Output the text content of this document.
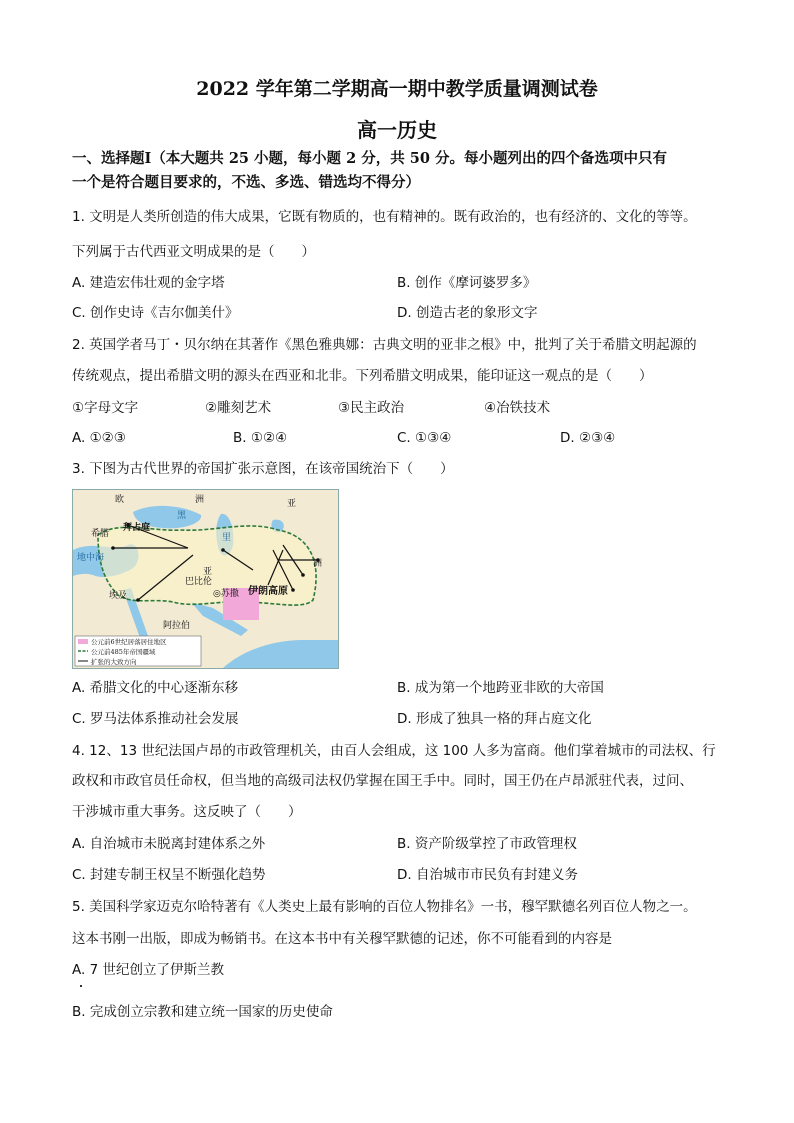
2022 学年第二学期高一期中教学质量调测试卷
高一历史
一、选择题Ⅰ（本大题共 25 小题，每小题 2 分，共 50 分。每小题列出的四个备选项中只有
一个是符合题目要求的，不选、多选、错选均不得分）
1. 文明是人类所创造的伟大成果，它既有物质的，也有精神的。既有政治的，也有经济的、文化的等等。
下列属于古代西亚文明成果的是（　　）
A. 建造宏伟壮观的金字塔	B. 创作《摩诃婆罗多》
C. 创作史诗《吉尔伽美什》	D. 创造古老的象形文字
2. 英国学者马丁・贝尔纳在其著作《黑色雅典娜：古典文明的亚非之根》中，批判了关于希腊文明起源的
传统观点，提出希腊文明的源头在西亚和北非。下列希腊文明成果，能印证这一观点的是（　　）
①字母文字	②雕刻艺术	③民主政治	④冶铁技术
A. ①②③	B. ①②④	C. ①③④	D. ②③④
3. 下图为古代世界的帝国扩张示意图，在该帝国统治下（　　）
欧	洲
希腊
拜占庭
地中海
黑
里
亚
巴比伦
◎苏撒 伊朗高原
埃及
阿拉伯
亚
洲
公元前6世纪居落居住地区
公元前485年帝国疆域
扩张的大致方向
A. 希腊文化的中心逐渐东移	B. 成为第一个地跨亚非欧的大帝国
C. 罗马法体系推动社会发展	D. 形成了独具一格的拜占庭文化
4. 12、13 世纪法国卢昂的市政管理机关，由百人会组成，这 100 人多为富商。他们掌着城市的司法权、行
政权和市政官员任命权，但当地的高级司法权仍掌握在国王手中。同时，国王仍在卢昂派驻代表，过问、
干涉城市重大事务。这反映了（　　）
A. 自治城市未脱离封建体系之外	B. 资产阶级掌控了市政管理权
C. 封建专制王权呈不断强化趋势	D. 自治城市市民负有封建义务
5. 美国科学家迈克尔哈特著有《人类史上最有影响的百位人物排名》一书，穆罕默德名列百位人物之一。
这本书刚一出版，即成为畅销书。在这本书中有关穆罕默德的记述，你不可能看到的内容是
A. 7 世纪创立了伊斯兰教
B. 完成创立宗教和建立统一国家的历史使命
